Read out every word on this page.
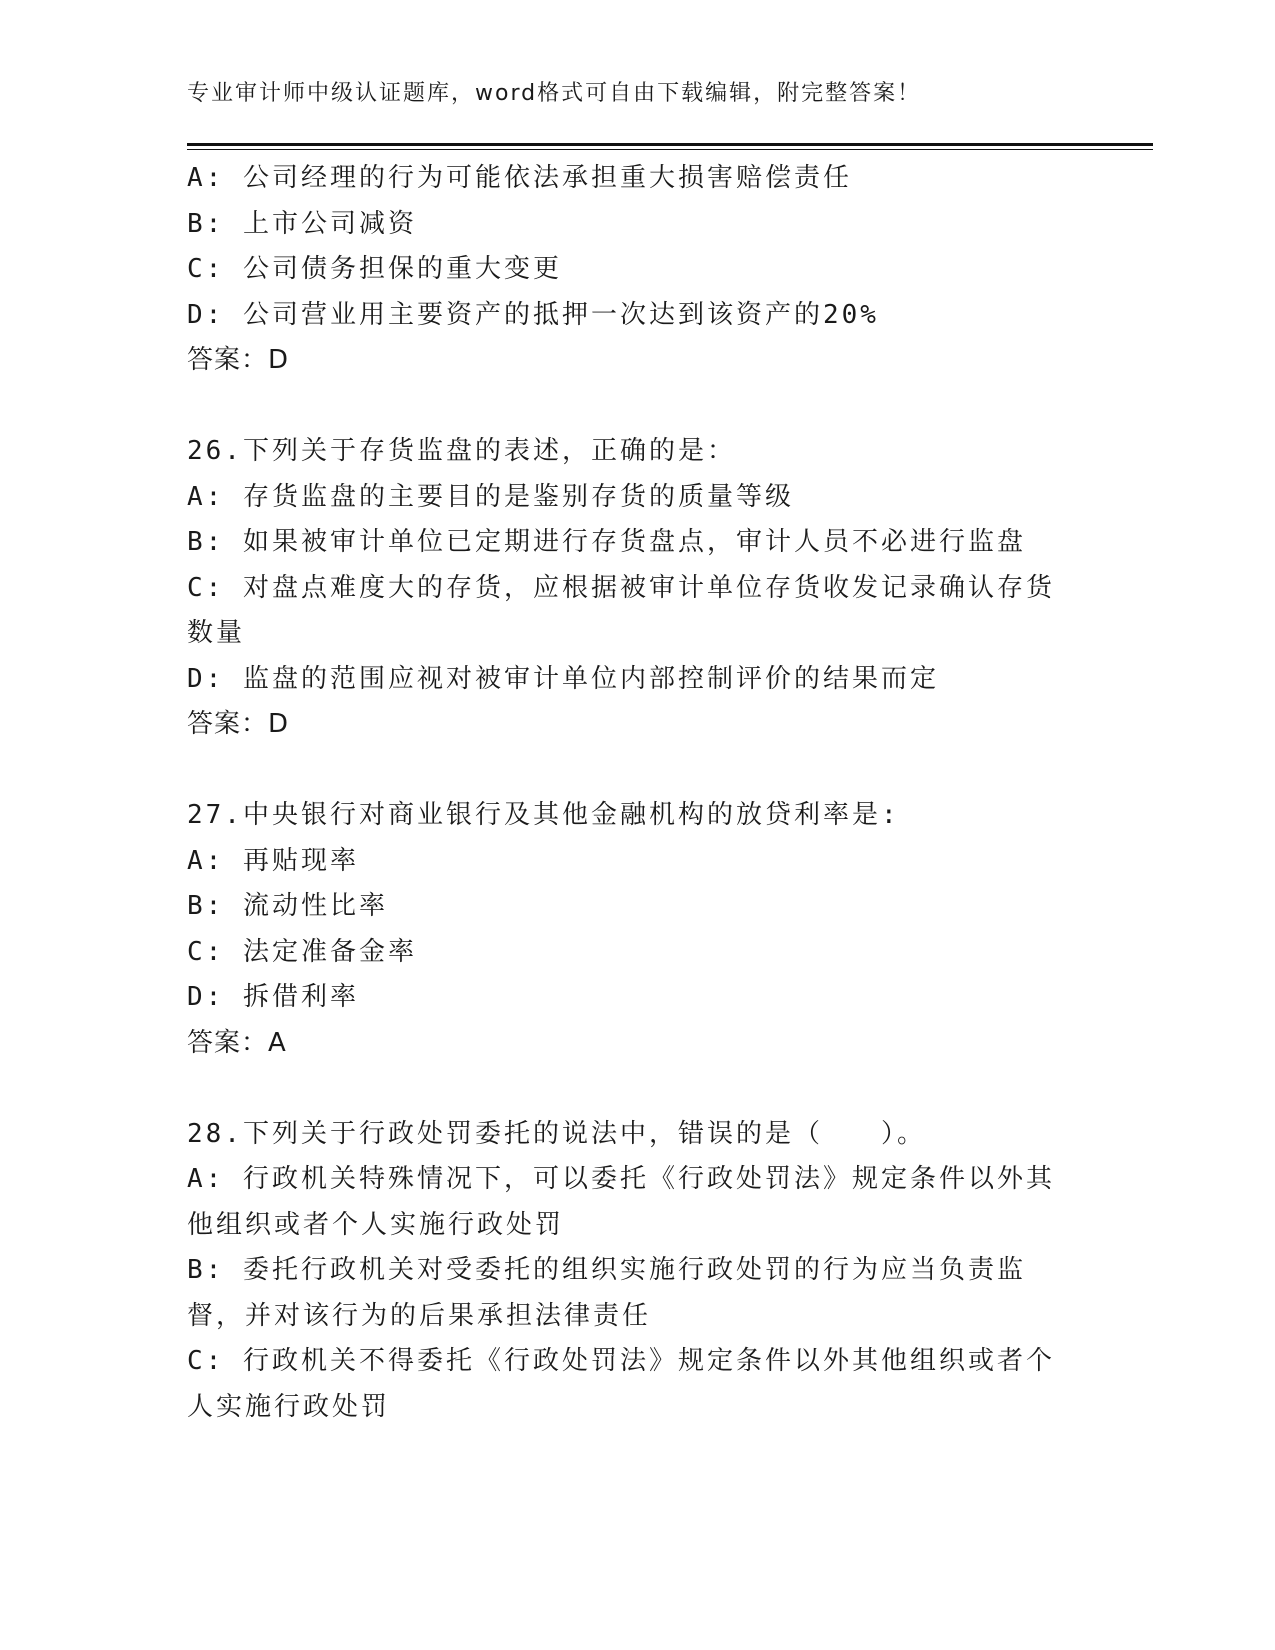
专业审计师中级认证题库，word格式可自由下载编辑，附完整答案！
A: 公司经理的行为可能依法承担重大损害赔偿责任
B: 上市公司减资
C: 公司债务担保的重大变更
D: 公司营业用主要资产的抵押一次达到该资产的20%
答案：D
26.下列关于存货监盘的表述，正确的是：
A: 存货监盘的主要目的是鉴别存货的质量等级
B: 如果被审计单位已定期进行存货盘点，审计人员不必进行监盘
C: 对盘点难度大的存货，应根据被审计单位存货收发记录确认存货数量
D: 监盘的范围应视对被审计单位内部控制评价的结果而定
答案：D
27.中央银行对商业银行及其他金融机构的放贷利率是:
A: 再贴现率
B: 流动性比率
C: 法定准备金率
D: 拆借利率
答案：A
28.下列关于行政处罚委托的说法中，错误的是（　　）。
A: 行政机关特殊情况下，可以委托《行政处罚法》规定条件以外其他组织或者个人实施行政处罚
B: 委托行政机关对受委托的组织实施行政处罚的行为应当负责监督，并对该行为的后果承担法律责任
C: 行政机关不得委托《行政处罚法》规定条件以外其他组织或者个人实施行政处罚
